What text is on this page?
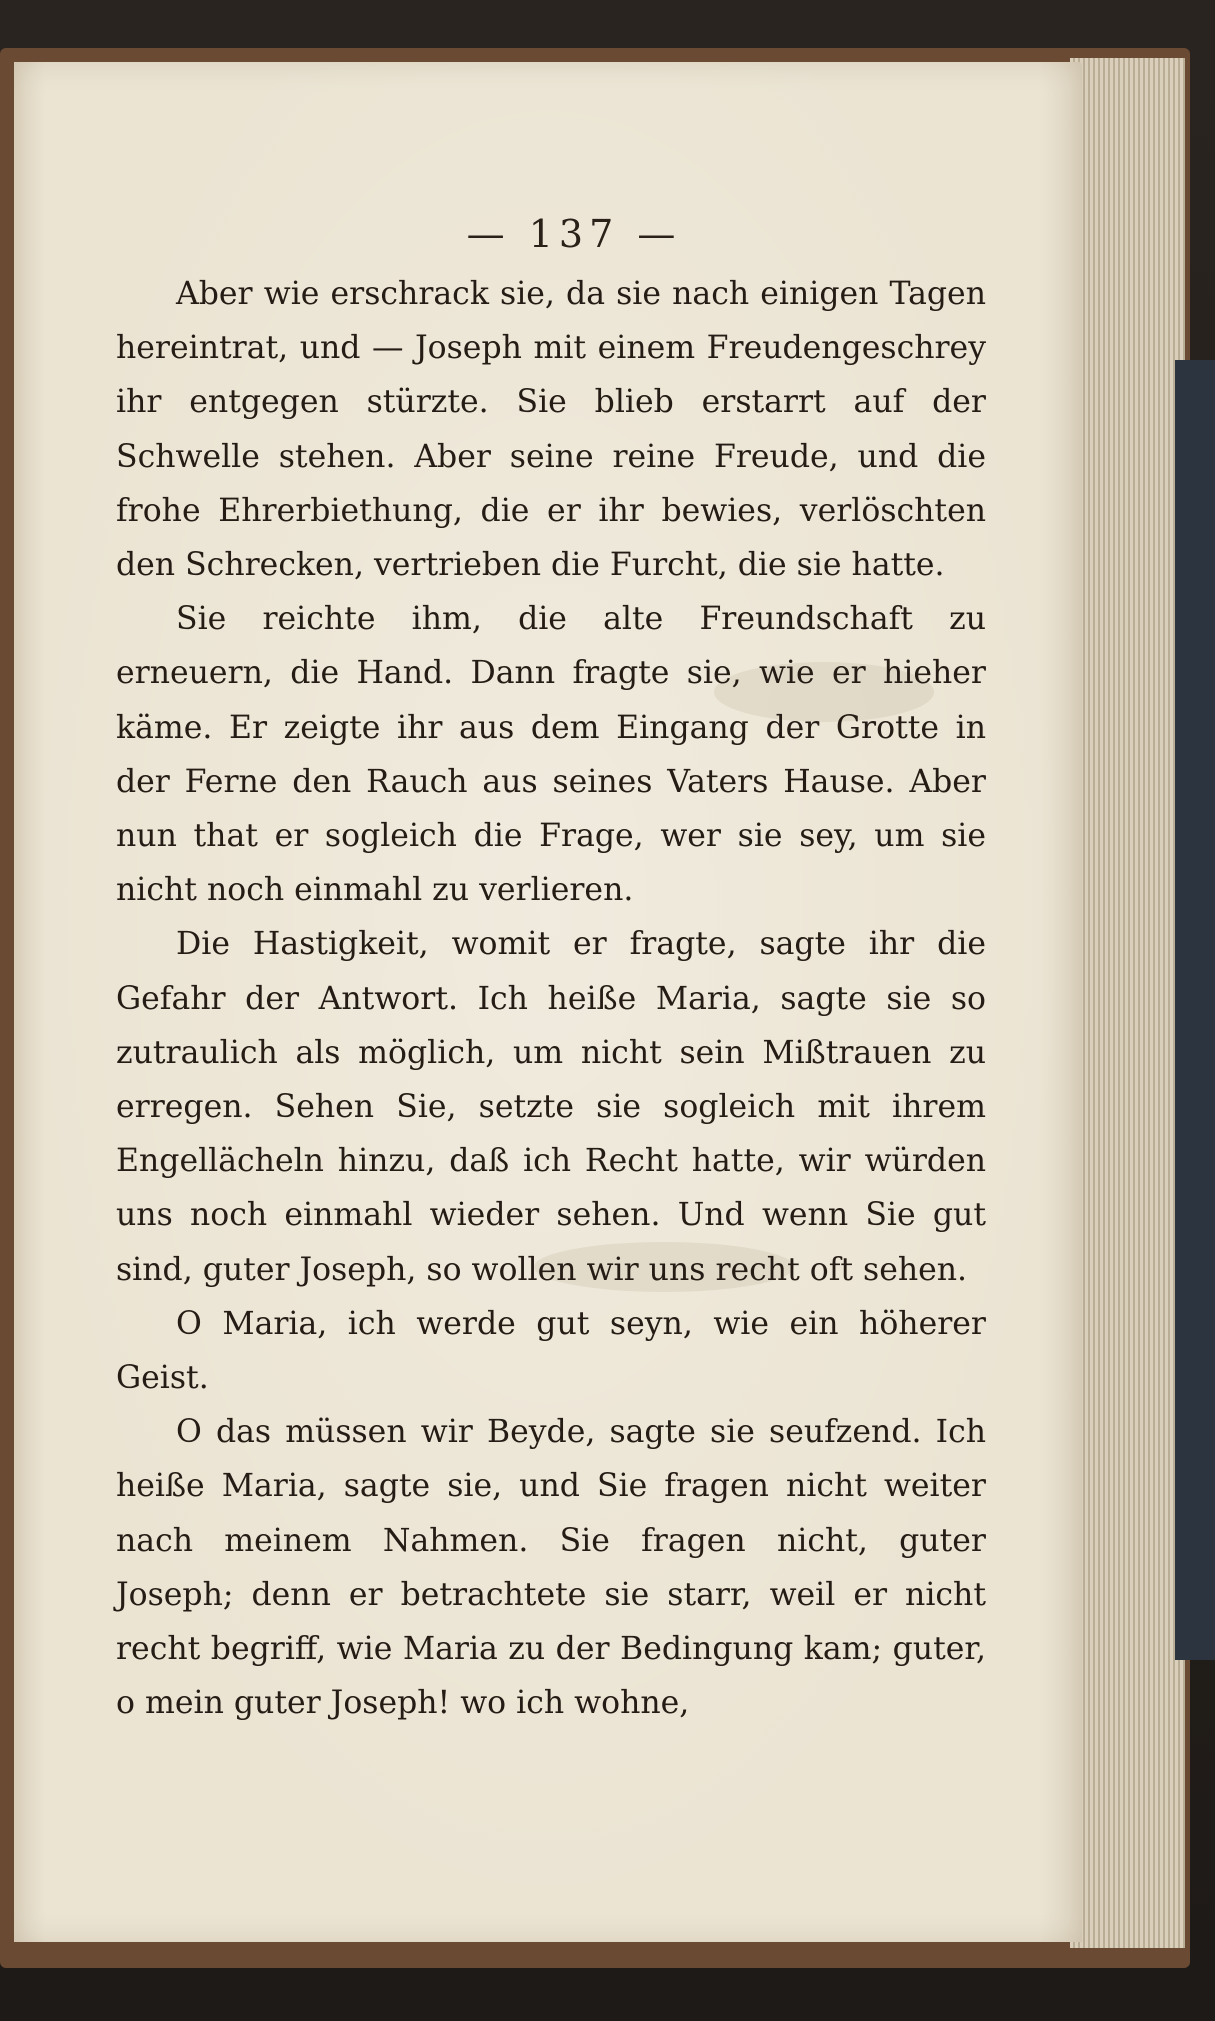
— 137 —

Aber wie erschrack sie, da sie nach einigen Tagen hereintrat, und — Joseph mit einem Freudengeschrey ihr entgegen stürzte. Sie blieb erstarrt auf der Schwelle stehen. Aber seine reine Freude, und die frohe Ehrerbiethung, die er ihr bewies, verlöschten den Schrecken, vertrieben die Furcht, die sie hatte.

Sie reichte ihm, die alte Freundschaft zu erneuern, die Hand. Dann fragte sie, wie er hieher käme. Er zeigte ihr aus dem Eingang der Grotte in der Ferne den Rauch aus seines Vaters Hause. Aber nun that er sogleich die Frage, wer sie sey, um sie nicht noch einmahl zu verlieren.

Die Hastigkeit, womit er fragte, sagte ihr die Gefahr der Antwort. Ich heiße Maria, sagte sie so zutraulich als möglich, um nicht sein Mißtrauen zu erregen. Sehen Sie, setzte sie sogleich mit ihrem Engellächeln hinzu, daß ich Recht hatte, wir würden uns noch einmahl wieder sehen. Und wenn Sie gut sind, guter Joseph, so wollen wir uns recht oft sehen.

O Maria, ich werde gut seyn, wie ein höherer Geist.

O das müssen wir Beyde, sagte sie seufzend. Ich heiße Maria, sagte sie, und Sie fragen nicht weiter nach meinem Nahmen. Sie fragen nicht, guter Joseph; denn er betrachtete sie starr, weil er nicht recht begriff, wie Maria zu der Bedingung kam; guter, o mein guter Joseph! wo ich wohne,
